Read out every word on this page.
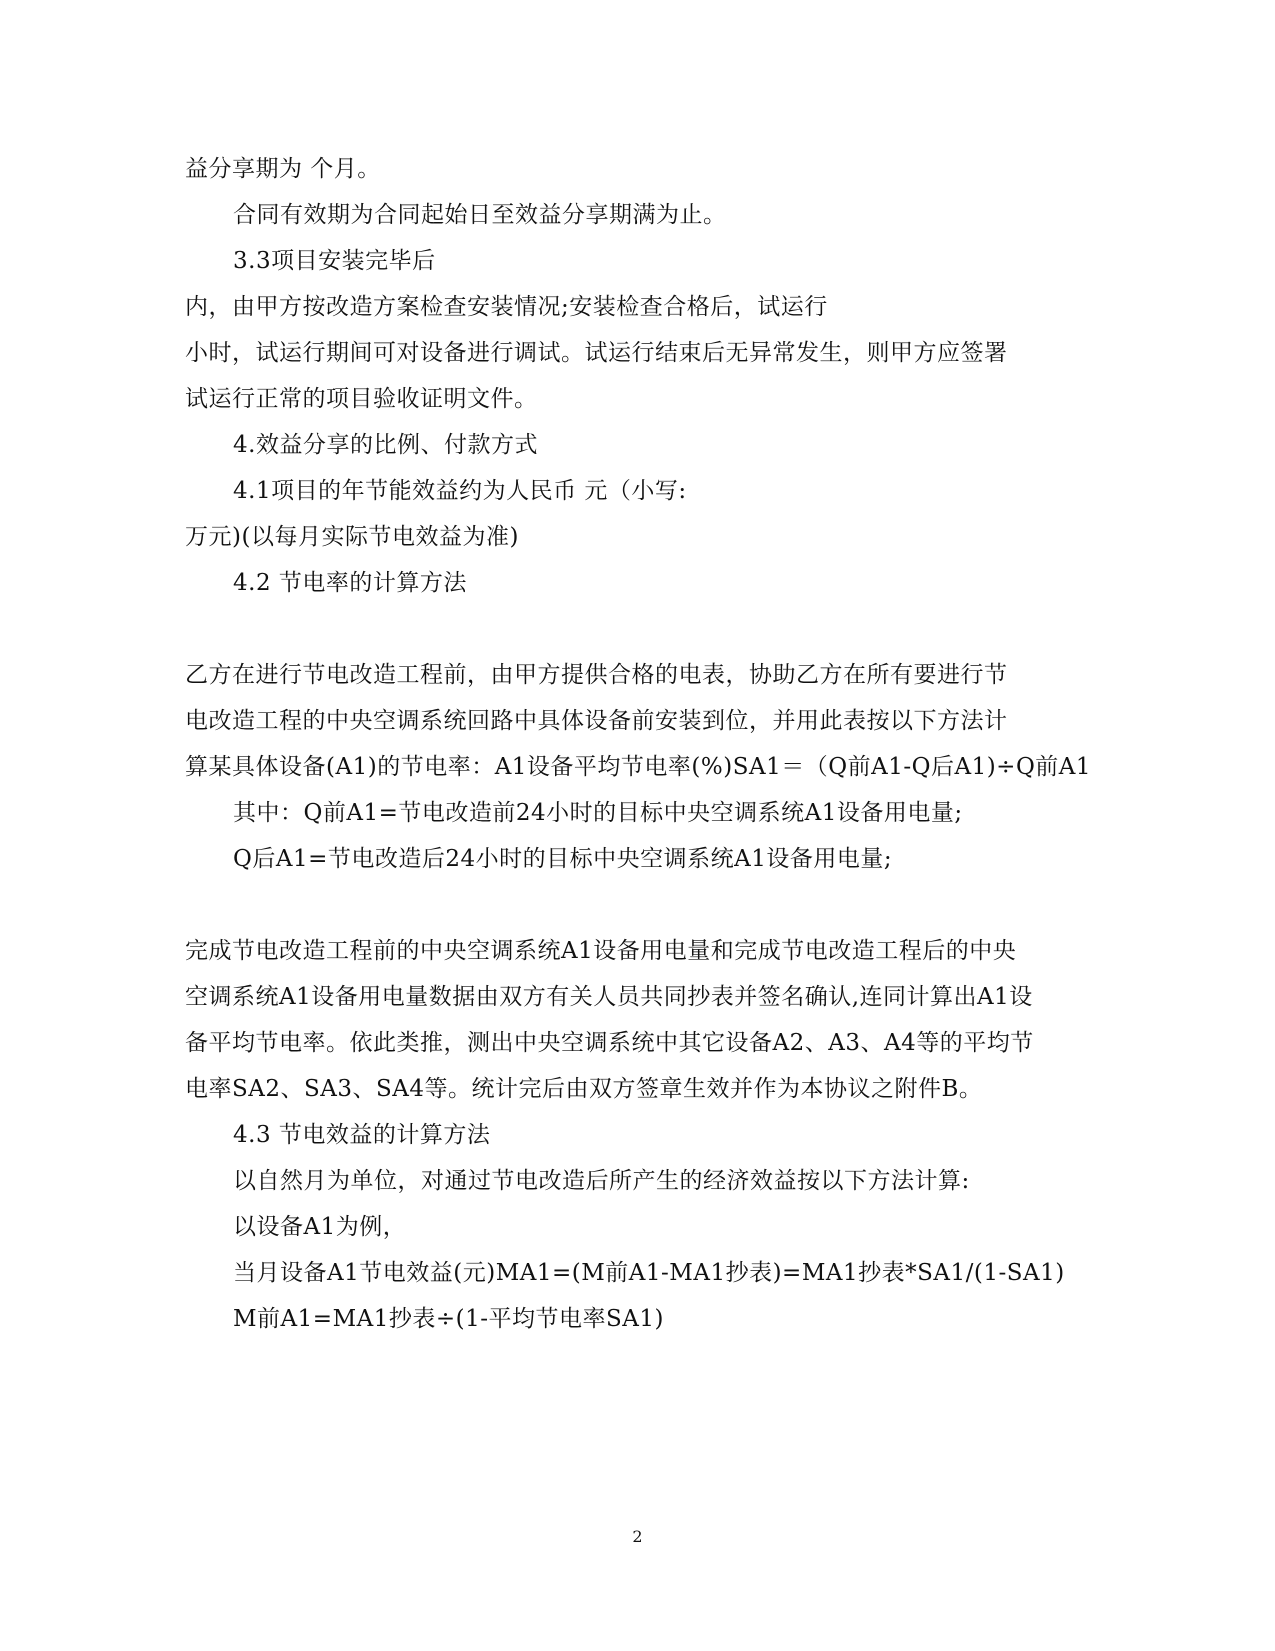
益分享期为 个月。
合同有效期为合同起始日至效益分享期满为止。
3.3项目安装完毕后
内，由甲方按改造方案检查安装情况;安装检查合格后，试运行
小时，试运行期间可对设备进行调试。试运行结束后无异常发生，则甲方应签署
试运行正常的项目验收证明文件。
4.效益分享的比例、付款方式
4.1项目的年节能效益约为人民币 元（小写:
万元)(以每月实际节电效益为准)
4.2 节电率的计算方法
乙方在进行节电改造工程前，由甲方提供合格的电表，协助乙方在所有要进行节
电改造工程的中央空调系统回路中具体设备前安装到位，并用此表按以下方法计
算某具体设备(A1)的节电率：A1设备平均节电率(%)SA1＝（Q前A1-Q后A1)÷Q前A1
其中：Q前A1=节电改造前24小时的目标中央空调系统A1设备用电量;
Q后A1=节电改造后24小时的目标中央空调系统A1设备用电量;
完成节电改造工程前的中央空调系统A1设备用电量和完成节电改造工程后的中央
空调系统A1设备用电量数据由双方有关人员共同抄表并签名确认,连同计算出A1设
备平均节电率。依此类推，测出中央空调系统中其它设备A2、A3、A4等的平均节
电率SA2、SA3、SA4等。统计完后由双方签章生效并作为本协议之附件B。
4.3 节电效益的计算方法
以自然月为单位，对通过节电改造后所产生的经济效益按以下方法计算:
以设备A1为例，
当月设备A1节电效益(元)MA1=(M前A1-MA1抄表)=MA1抄表*SA1/(1-SA1)
M前A1=MA1抄表÷(1-平均节电率SA1)
2
